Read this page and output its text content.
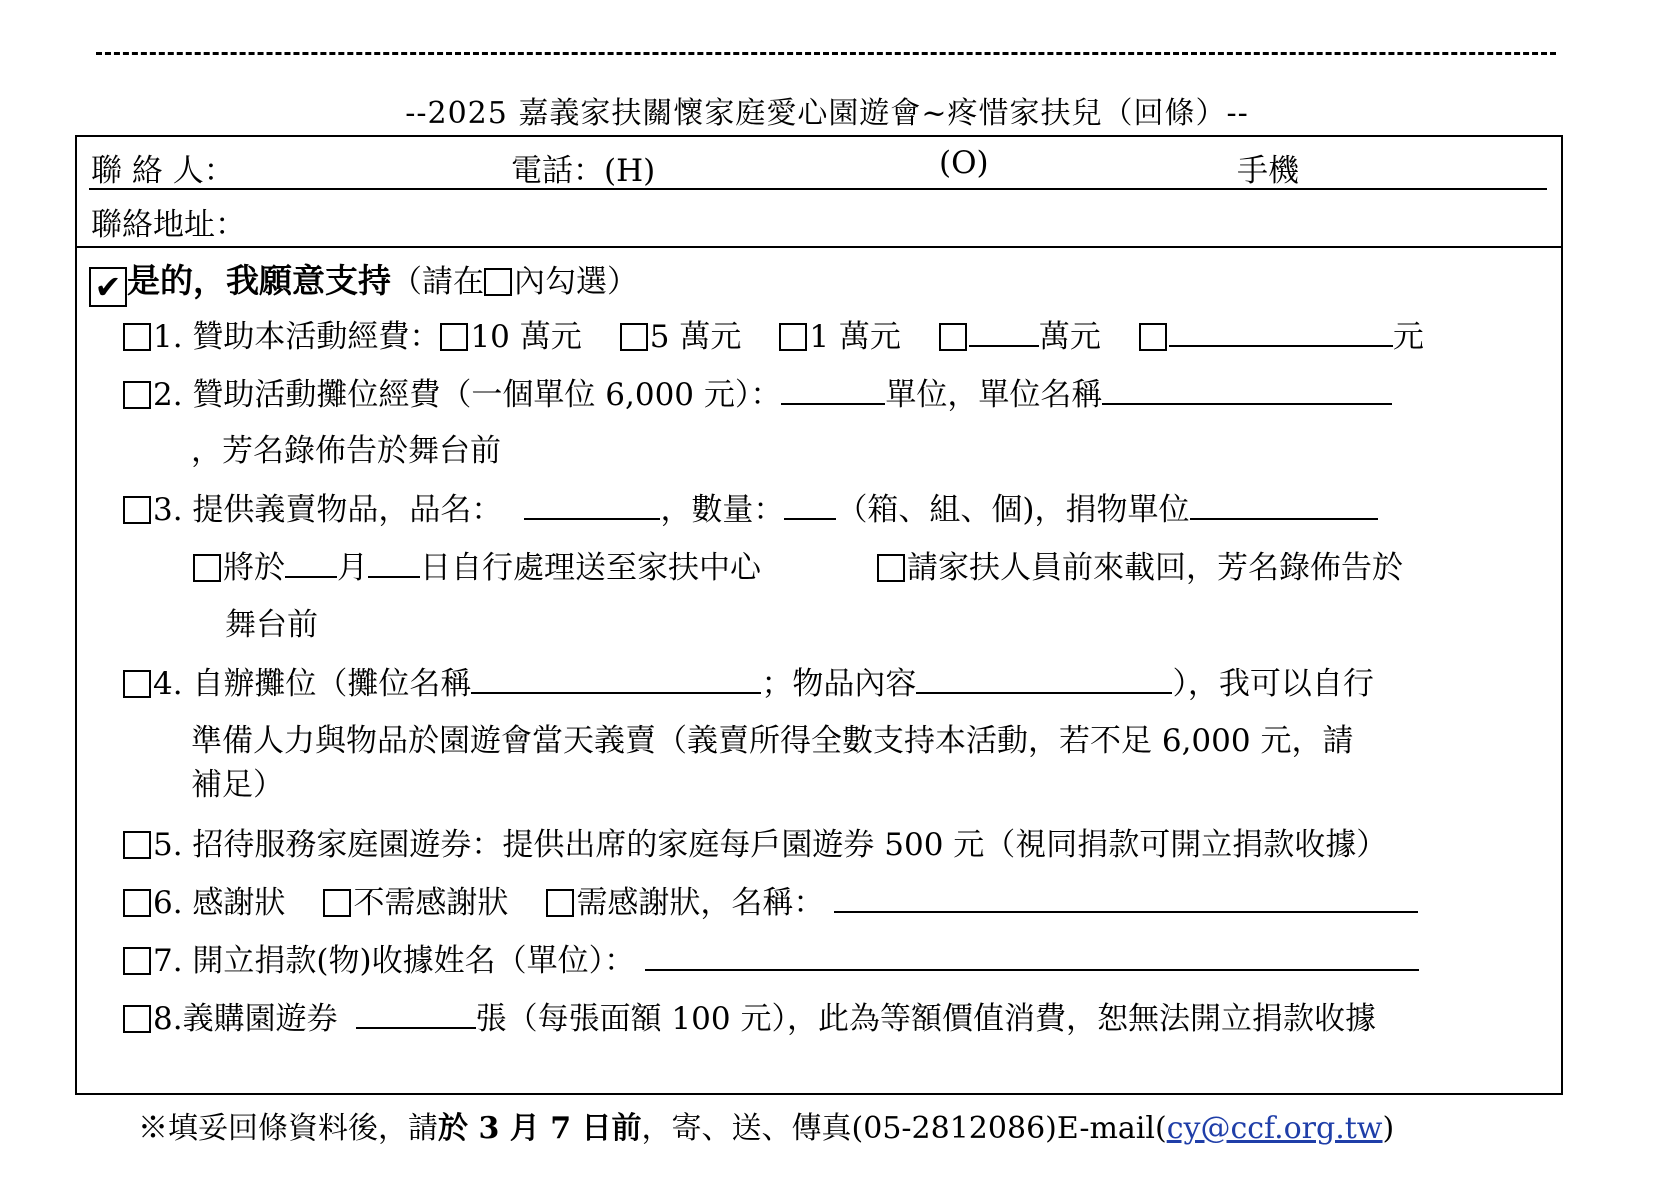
--2025 嘉義家扶關懷家庭愛心園遊會~疼惜家扶兒（回條）--
聯 絡 人：	電話：(H)	(O)	手機
聯絡地址：
✔ 是的，我願意支持（請在 內勾選）
1. 贊助本活動經費： 10 萬元 5 萬元 1 萬元	萬元	元
2. 贊助活動攤位經費（一個單位 6,000 元）：	單位，單位名稱
，芳名錄佈告於舞台前
3. 提供義賣物品，品名：	，數量： （箱、組、個)，捐物單位
將於 月 日自行處理送至家扶中心	請家扶人員前來載回，芳名錄佈告於
舞台前
4. 自辦攤位（攤位名稱	；物品內容	），我可以自行
準備人力與物品於園遊會當天義賣（義賣所得全數支持本活動，若不足 6,000 元，請
補足）
5. 招待服務家庭園遊券：提供出席的家庭每戶園遊券 500 元（視同捐款可開立捐款收據）
6. 感謝狀 不需感謝狀 需感謝狀，名稱：
7. 開立捐款(物)收據姓名（單位）：
8.義購園遊券	張（每張面額 100 元），此為等額價值消費，恕無法開立捐款收據
※填妥回條資料後，請於 3 月 7 日前，寄、送、傳真(05-2812086)E-mail(cy@ccf.org.tw)
